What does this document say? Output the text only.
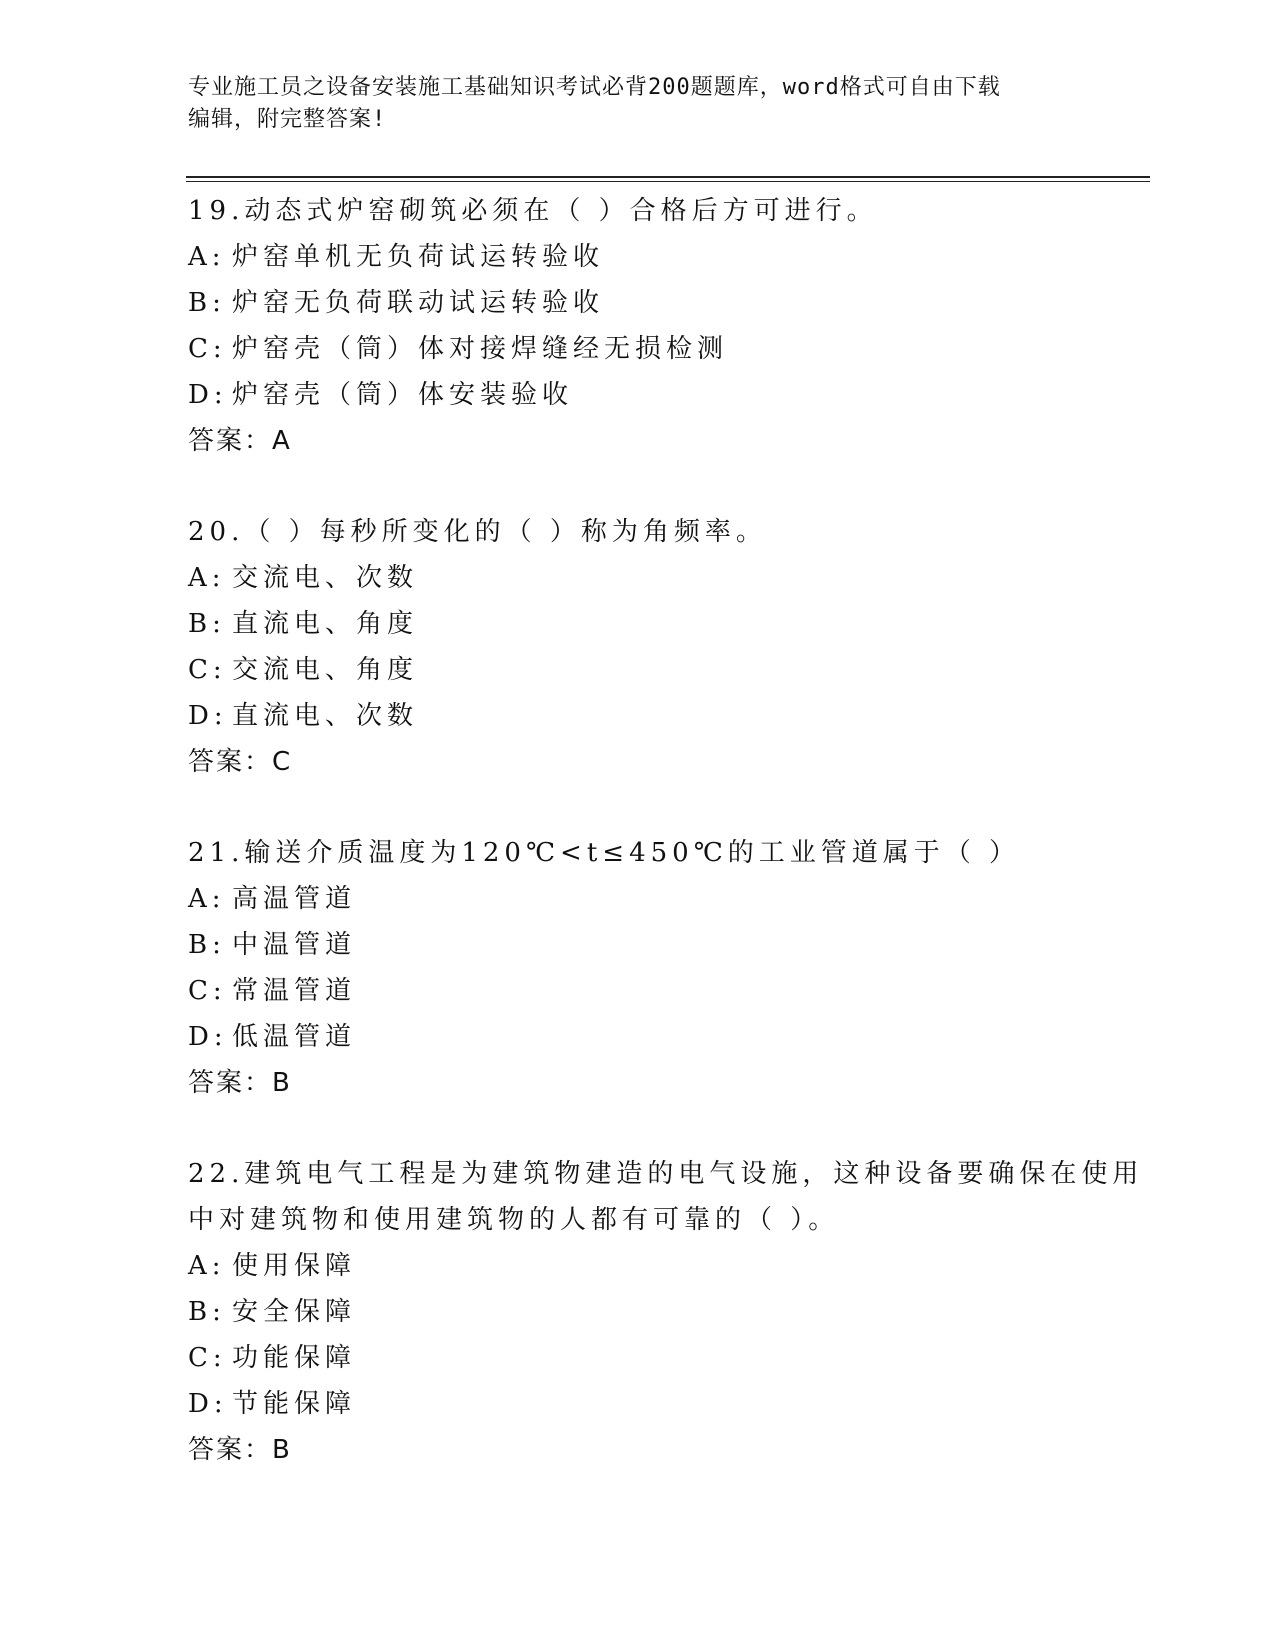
专业施工员之设备安装施工基础知识考试必背200题题库，word格式可自由下载
编辑，附完整答案!
19.动态式炉窑砌筑必须在（ ）合格后方可进行。
A: 炉窑单机无负荷试运转验收
B: 炉窑无负荷联动试运转验收
C: 炉窑壳（筒）体对接焊缝经无损检测
D: 炉窑壳（筒）体安装验收
答案：A
20.（ ）每秒所变化的（ ）称为角频率。
A: 交流电、次数
B: 直流电、角度
C: 交流电、角度
D: 直流电、次数
答案：C
21.输送介质温度为120℃<t≤450℃的工业管道属于（ ）
A: 高温管道
B: 中温管道
C: 常温管道
D: 低温管道
答案：B
22.建筑电气工程是为建筑物建造的电气设施，这种设备要确保在使用
中对建筑物和使用建筑物的人都有可靠的（ ）。
A: 使用保障
B: 安全保障
C: 功能保障
D: 节能保障
答案：B
